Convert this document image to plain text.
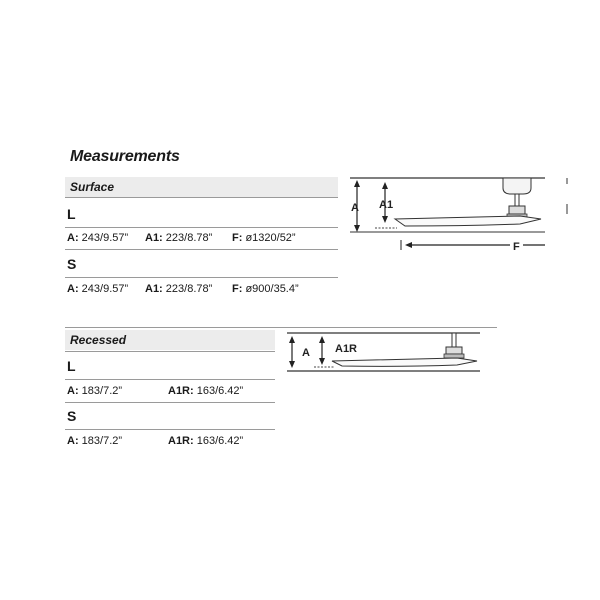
Measurements
Surface
L
A: 243/9.57” A1: 223/8.78” F: ø1320/52”
S
A: 243/9.57” A1: 223/8.78” F: ø900/35.4”
A A1
F
Recessed
L
A: 183/7.2”	A1R: 163/6.42”
S
A: 183/7.2”	A1R: 163/6.42”
A A1R
